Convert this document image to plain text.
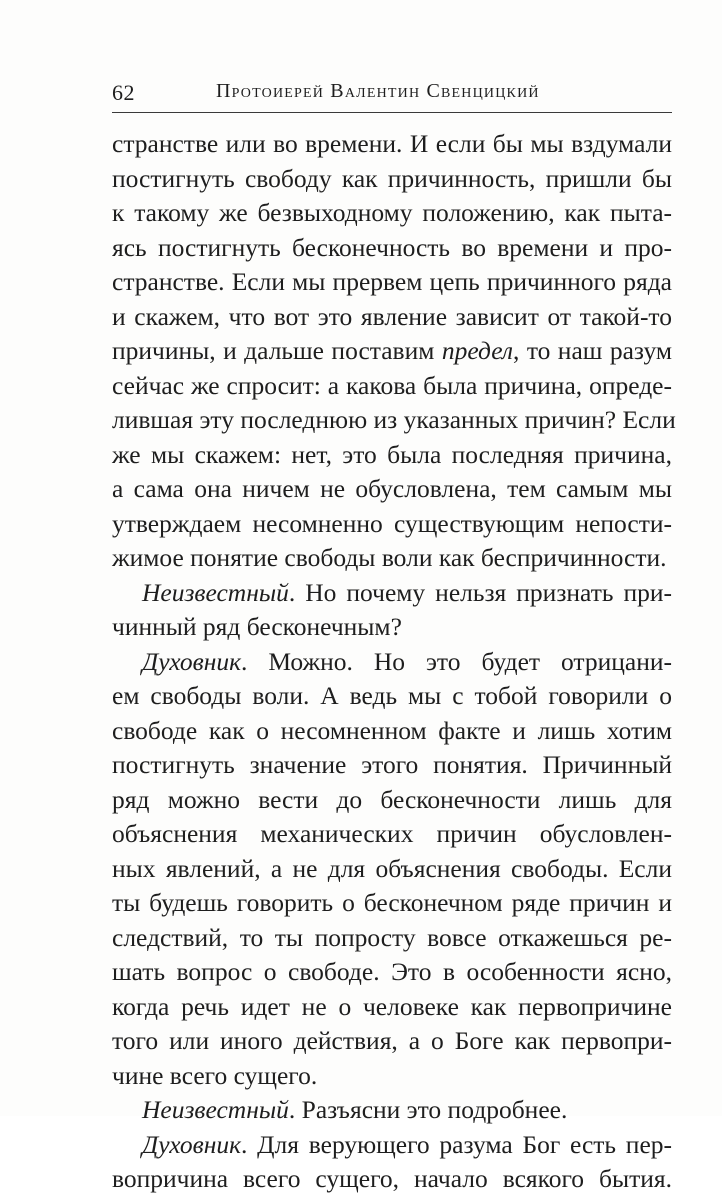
62	Протоиерей Валентин Свенцицкий
странстве или во времени. И если бы мы вздумали
постигнуть свободу как причинность, пришли бы
к такому же безвыходному положению, как пыта-
ясь постигнуть бесконечность во времени и про-
странстве. Если мы прервем цепь причинного ряда
и скажем, что вот это явление зависит от такой-то
причины, и дальше поставим предел, то наш разум
сейчас же спросит: а какова была причина, опреде-
лившая эту последнюю из указанных причин? Если
же мы скажем: нет, это была последняя причина,
а сама она ничем не обусловлена, тем самым мы
утверждаем несомненно существующим непости-
жимое понятие свободы воли как беспричинности.
Неизвестный. Но почему нельзя признать при-
чинный ряд бесконечным?
Духовник. Можно. Но это будет отрицани-
ем свободы воли. А ведь мы с тобой говорили о
свободе как о несомненном факте и лишь хотим
постигнуть значение этого понятия. Причинный
ряд можно вести до бесконечности лишь для
объяснения механических причин обусловлен-
ных явлений, а не для объяснения свободы. Если
ты будешь говорить о бесконечном ряде причин и
следствий, то ты попросту вовсе откажешься ре-
шать вопрос о свободе. Это в особенности ясно,
когда речь идет не о человеке как первопричине
того или иного действия, а о Боге как первопри-
чине всего сущего.
Неизвестный. Разъясни это подробнее.
Духовник. Для верующего разума Бог есть пер-
вопричина всего сущего, начало всякого бытия.
